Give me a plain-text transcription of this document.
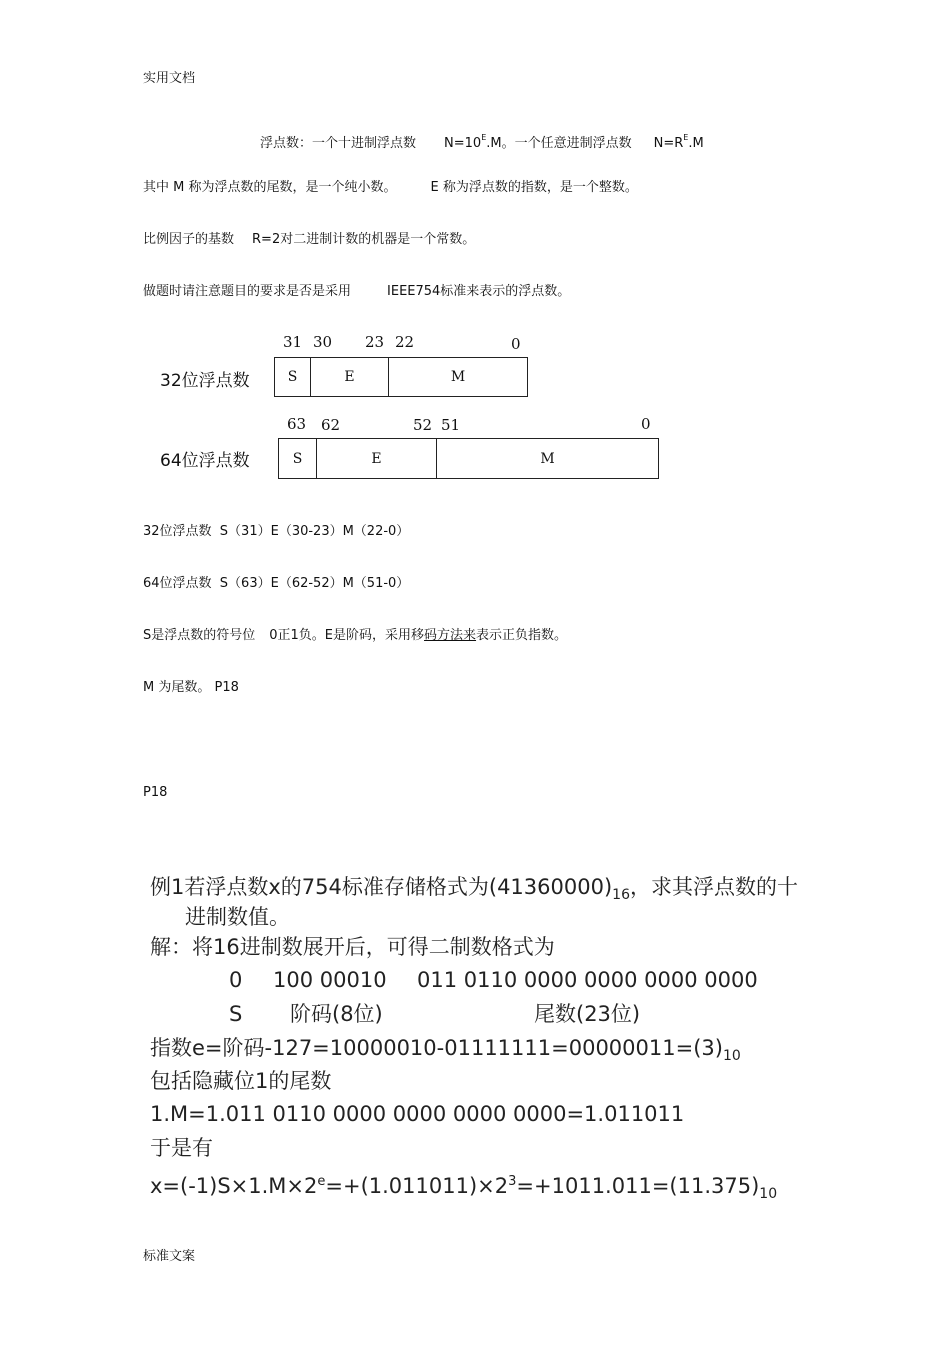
实用文档
浮点数：一个十进制浮点数 $N=10^E.M$。一个任意进制浮点数 $N=R^E.M$
其中 M 称为浮点数的尾数，是一个纯小数。	E 称为浮点数的指数，是一个整数。
比例因子的基数 R=2对二进制计数的机器是一个常数。
做题时请注意题目的要求是否是采用	IEEE754标准来表示的浮点数。
32位浮点数
31 30 23 22	0
S	E	M
64位浮点数
63 62	52 51	0
S	E	M
32位浮点数  S（31）E（30-23）M（22-0）
64位浮点数  S（63）E（62-52）M（51-0）
S是浮点数的符号位 0正1负。E是阶码，采用移码方法来表示正负指数。
M 为尾数。 P18
P18
例1若浮点数x的754标准存储格式为$(41360000)_{16}$，求其浮点数的十
进制数值。
解：将16进制数展开后，可得二制数格式为
0 100 00010 011 0110 0000 0000 0000 0000
S 阶码(8位)	尾数(23位)
指数e=阶码$-127=10000010-01111111=00000011=(3)_{10}$
包括隐藏位1的尾数
1.M=1.011 0110 0000 0000 0000 0000=1.011011
于是有
$x=(-1)S\times 1.M\times 2^e=+(1.011011)\times 2^3=+1011.011=(11.375)_{10}$
标准文案
